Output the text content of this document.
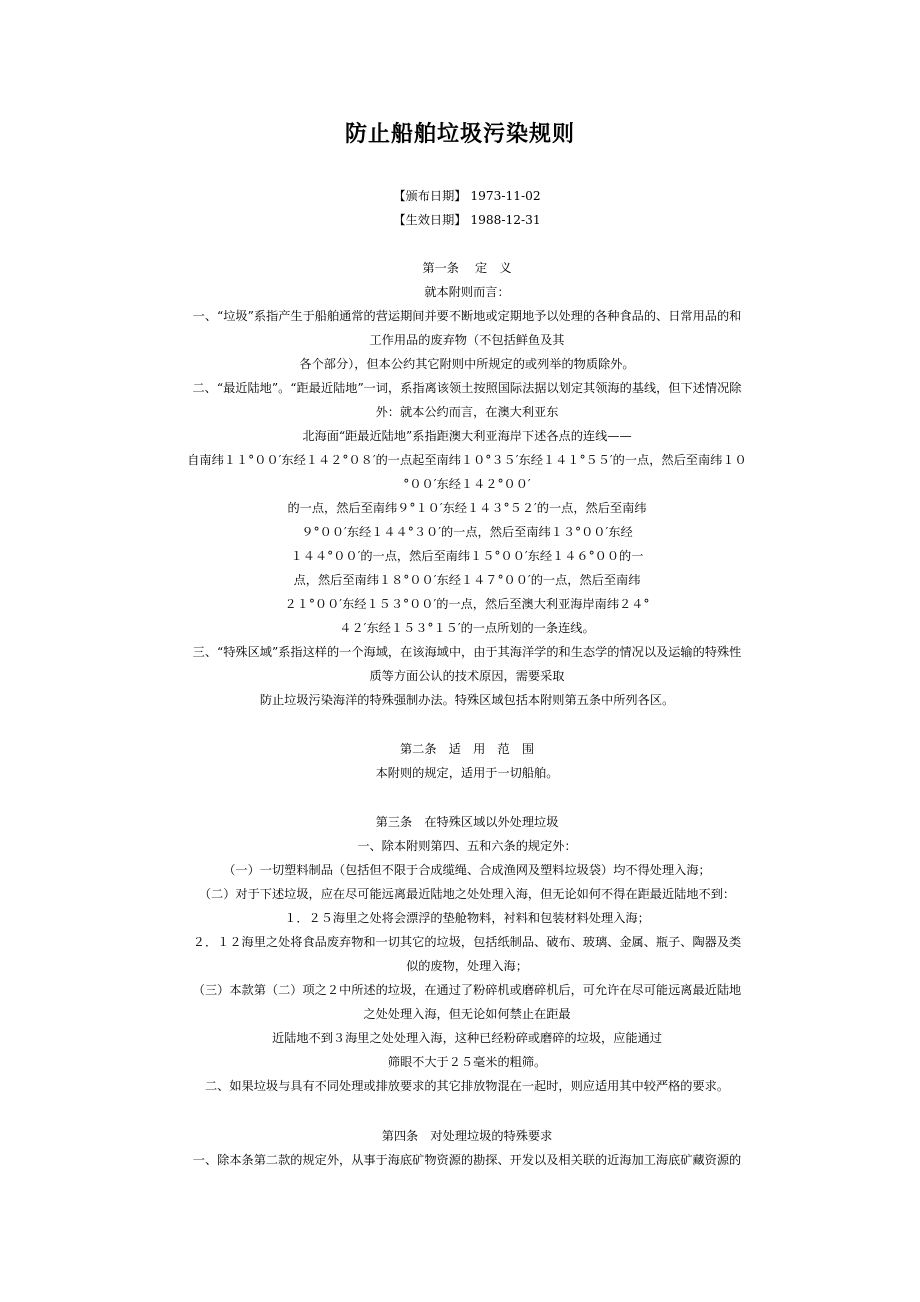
防止船舶垃圾污染规则
【颁布日期】 1973-11-02
【生效日期】 1988-12-31
第一条　 定　义
就本附则而言：
一、“垃圾”系指产生于船舶通常的营运期间并要不断地或定期地予以处理的各种食品的、日常用品的和
工作用品的废弃物（不包括鲜鱼及其
各个部分），但本公约其它附则中所规定的或列举的物质除外。
二、“最近陆地”。“距最近陆地”一词，系指离该领土按照国际法据以划定其领海的基线，但下述情况除
外：就本公约而言，在澳大利亚东
北海面“距最近陆地”系指距澳大利亚海岸下述各点的连线——
自南纬１１°００′东经１４２°０８′的一点起至南纬１０°３５′东经１４１°５５′的一点，然后至南纬１０
°００′东经１４２°００′
的一点，然后至南纬９°１０′东经１４３°５２′的一点，然后至南纬
９°００′东经１４４°３０′的一点，然后至南纬１３°００′东经
１４４°００′的一点，然后至南纬１５°００′东经１４６°００的一
点，然后至南纬１８°００′东经１４７°００′的一点，然后至南纬
２１°００′东经１５３°００′的一点，然后至澳大利亚海岸南纬２４°
４２′东经１５３°１５′的一点所划的一条连线。
三、“特殊区域”系指这样的一个海域，在该海域中，由于其海洋学的和生态学的情况以及运输的特殊性
质等方面公认的技术原因，需要采取
防止垃圾污染海洋的特殊强制办法。特殊区域包括本附则第五条中所列各区。
第二条　适　用　范　围
本附则的规定，适用于一切船舶。
第三条　在特殊区域以外处理垃圾
一、除本附则第四、五和六条的规定外：
（一）一切塑料制品（包括但不限于合成缆绳、合成渔网及塑料垃圾袋）均不得处理入海；
（二）对于下述垃圾，应在尽可能远离最近陆地之处处理入海，但无论如何不得在距最近陆地不到：
１．２５海里之处将会漂浮的垫舱物料，衬料和包装材料处理入海；
２．１２海里之处将食品废弃物和一切其它的垃圾，包括纸制品、破布、玻璃、金属、瓶子、陶器及类
似的废物，处理入海；
（三）本款第（二）项之２中所述的垃圾，在通过了粉碎机或磨碎机后，可允许在尽可能远离最近陆地
之处处理入海，但无论如何禁止在距最
近陆地不到３海里之处处理入海，这种已经粉碎或磨碎的垃圾，应能通过
筛眼不大于２５毫米的粗筛。
二、如果垃圾与具有不同处理或排放要求的其它排放物混在一起时，则应适用其中较严格的要求。
第四条　对处理垃圾的特殊要求
一、除本条第二款的规定外，从事于海底矿物资源的勘探、开发以及相关联的近海加工海底矿藏资源的
